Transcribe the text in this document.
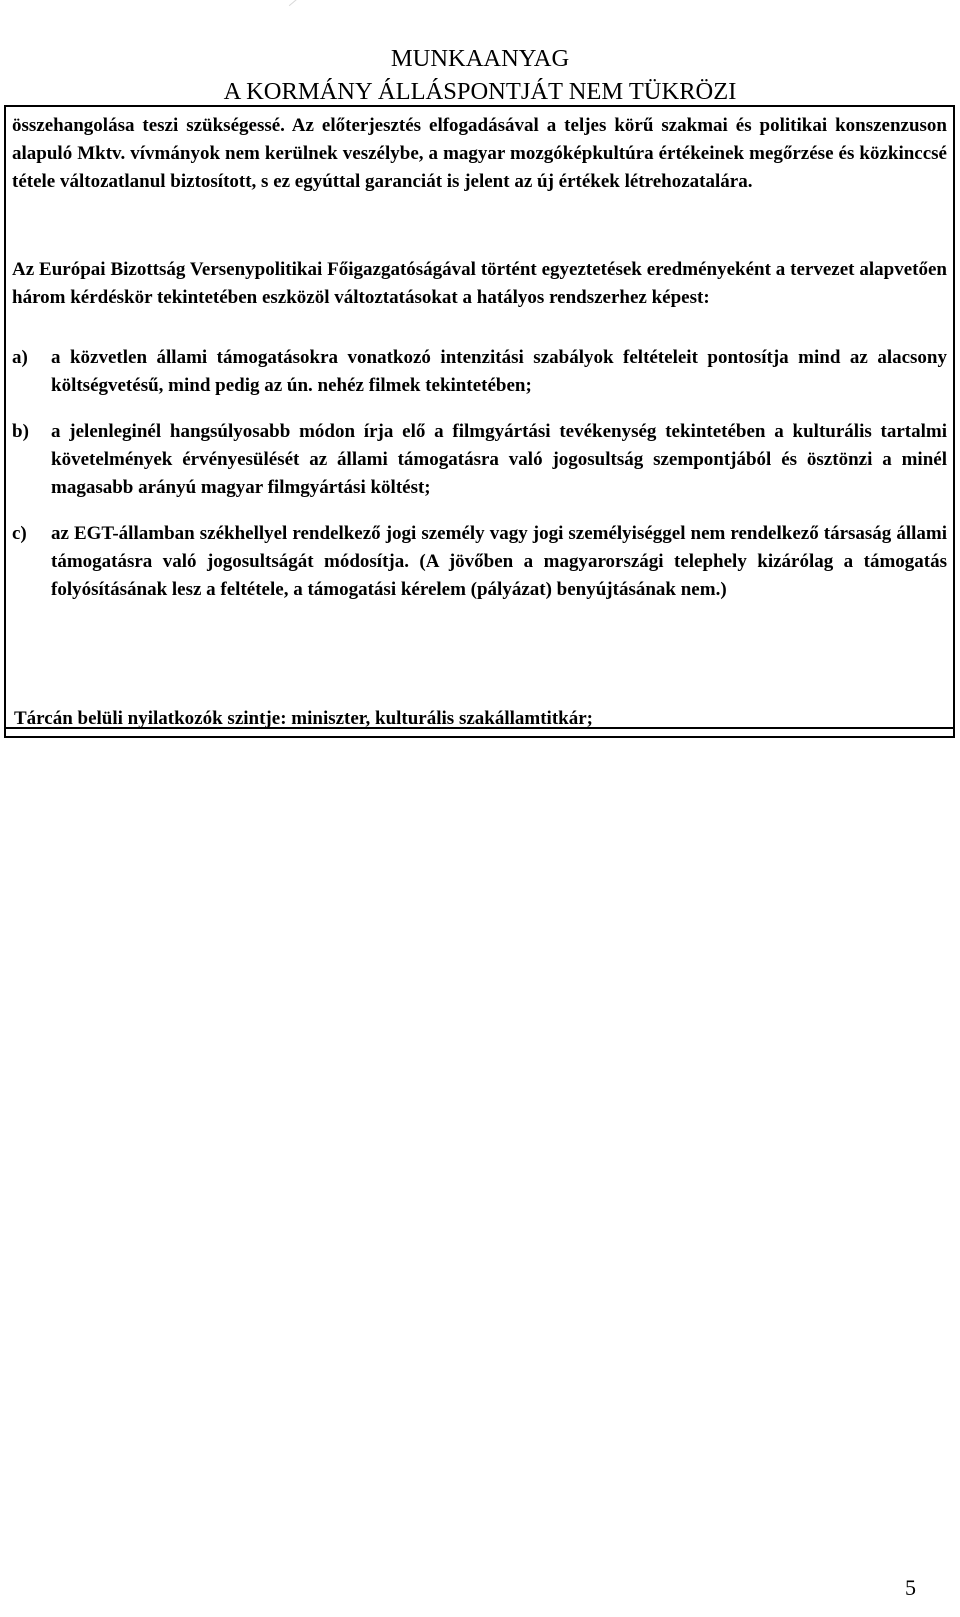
MUNKAANYAG
A KORMÁNY ÁLLÁSPONTJÁT NEM TÜKRÖZI
összehangolása teszi szükségessé. Az előterjesztés elfogadásával a teljes körű szakmai és politikai konszenzuson alapuló Mktv. vívmányok nem kerülnek veszélybe, a magyar mozgóképkultúra értékeinek megőrzése és közkinccsé tétele változatlanul biztosított, s ez egyúttal garanciát is jelent az új értékek létrehozatalára.
Az Európai Bizottság Versenypolitikai Főigazgatóságával történt egyeztetések eredményeként a tervezet alapvetően három kérdéskör tekintetében eszközöl változtatásokat a hatályos rendszerhez képest:
a)	a közvetlen állami támogatásokra vonatkozó intenzitási szabályok feltételeit pontosítja mind az alacsony költségvetésű, mind pedig az ún. nehéz filmek tekintetében;
b)	a jelenleginél hangsúlyosabb módon írja elő a filmgyártási tevékenység tekintetében a kulturális tartalmi követelmények érvényesülését az állami támogatásra való jogosultság szempontjából és ösztönzi a minél magasabb arányú magyar filmgyártási költést;
c)	az EGT-államban székhellyel rendelkező jogi személy vagy jogi személyiséggel nem rendelkező társaság állami támogatásra való jogosultságát módosítja. (A jövőben a magyarországi telephely kizárólag a támogatás folyósításának lesz a feltétele, a támogatási kérelem (pályázat) benyújtásának nem.)
Tárcán belüli nyilatkozók szintje: miniszter, kulturális szakállamtitkár;
5
